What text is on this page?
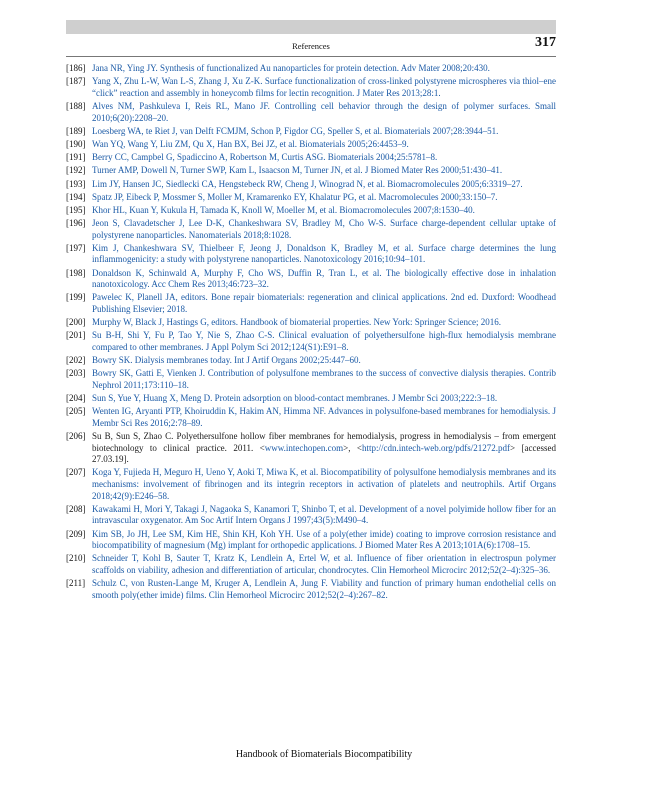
References	317
[186] Jana NR, Ying JY. Synthesis of functionalized Au nanoparticles for protein detection. Adv Mater 2008;20:430.
[187] Yang X, Zhu L-W, Wan L-S, Zhang J, Xu Z-K. Surface functionalization of cross-linked polystyrene microspheres via thiol–ene “click” reaction and assembly in honeycomb films for lectin recognition. J Mater Res 2013;28:1.
[188] Alves NM, Pashkuleva I, Reis RL, Mano JF. Controlling cell behavior through the design of polymer surfaces. Small 2010;6(20):2208–20.
[189] Loesberg WA, te Riet J, van Delft FCMJM, Schon P, Figdor CG, Speller S, et al. Biomaterials 2007;28:3944–51.
[190] Wan YQ, Wang Y, Liu ZM, Qu X, Han BX, Bei JZ, et al. Biomaterials 2005;26:4453–9.
[191] Berry CC, Campbel G, Spadiccino A, Robertson M, Curtis ASG. Biomaterials 2004;25:5781–8.
[192] Turner AMP, Dowell N, Turner SWP, Kam L, Isaacson M, Turner JN, et al. J Biomed Mater Res 2000;51:430–41.
[193] Lim JY, Hansen JC, Siedlecki CA, Hengstebeck RW, Cheng J, Winograd N, et al. Biomacromolecules 2005;6:3319–27.
[194] Spatz JP, Eibeck P, Mossmer S, Moller M, Kramarenko EY, Khalatur PG, et al. Macromolecules 2000;33:150–7.
[195] Khor HL, Kuan Y, Kukula H, Tamada K, Knoll W, Moeller M, et al. Biomacromolecules 2007;8:1530–40.
[196] Jeon S, Clavadetscher J, Lee D-K, Chankeshwara SV, Bradley M, Cho W-S. Surface charge-dependent cellular uptake of polystyrene nanoparticles. Nanomaterials 2018;8:1028.
[197] Kim J, Chankeshwara SV, Thielbeer F, Jeong J, Donaldson K, Bradley M, et al. Surface charge determines the lung inflammogenicity: a study with polystyrene nanoparticles. Nanotoxicology 2016;10:94–101.
[198] Donaldson K, Schinwald A, Murphy F, Cho WS, Duffin R, Tran L, et al. The biologically effective dose in inhalation nanotoxicology. Acc Chem Res 2013;46:723–32.
[199] Pawelec K, Planell JA, editors. Bone repair biomaterials: regeneration and clinical applications. 2nd ed. Duxford: Woodhead Publishing Elsevier; 2018.
[200] Murphy W, Black J, Hastings G, editors. Handbook of biomaterial properties. New York: Springer Science; 2016.
[201] Su B-H, Shi Y, Fu P, Tao Y, Nie S, Zhao C-S. Clinical evaluation of polyethersulfone high-flux hemodialysis membrane compared to other membranes. J Appl Polym Sci 2012;124(S1):E91–8.
[202] Bowry SK. Dialysis membranes today. Int J Artif Organs 2002;25:447–60.
[203] Bowry SK, Gatti E, Vienken J. Contribution of polysulfone membranes to the success of convective dialysis therapies. Contrib Nephrol 2011;173:110–18.
[204] Sun S, Yue Y, Huang X, Meng D. Protein adsorption on blood-contact membranes. J Membr Sci 2003;222:3–18.
[205] Wenten IG, Aryanti PTP, Khoiruddin K, Hakim AN, Himma NF. Advances in polysulfone-based membranes for hemodialysis. J Membr Sci Res 2016;2:78–89.
[206] Su B, Sun S, Zhao C. Polyethersulfone hollow fiber membranes for hemodialysis, progress in hemodialysis – from emergent biotechnology to clinical practice. 2011. <www.intechopen.com>, <http://cdn.intech-web.org/pdfs/21272.pdf> [accessed 27.03.19].
[207] Koga Y, Fujieda H, Meguro H, Ueno Y, Aoki T, Miwa K, et al. Biocompatibility of polysulfone hemodialysis membranes and its mechanisms: involvement of fibrinogen and its integrin receptors in activation of platelets and neutrophils. Artif Organs 2018;42(9):E246–58.
[208] Kawakami H, Mori Y, Takagi J, Nagaoka S, Kanamori T, Shinbo T, et al. Development of a novel polyimide hollow fiber for an intravascular oxygenator. Am Soc Artif Intern Organs J 1997;43(5):M490–4.
[209] Kim SB, Jo JH, Lee SM, Kim HE, Shin KH, Koh YH. Use of a poly(ether imide) coating to improve corrosion resistance and biocompatibility of magnesium (Mg) implant for orthopedic applications. J Biomed Mater Res A 2013;101A(6):1708–15.
[210] Schneider T, Kohl B, Sauter T, Kratz K, Lendlein A, Ertel W, et al. Influence of fiber orientation in electrospun polymer scaffolds on viability, adhesion and differentiation of articular, chondrocytes. Clin Hemorheol Microcirc 2012;52(2–4):325–36.
[211] Schulz C, von Rusten-Lange M, Kruger A, Lendlein A, Jung F. Viability and function of primary human endothelial cells on smooth poly(ether imide) films. Clin Hemorheol Microcirc 2012;52(2–4):267–82.
Handbook of Biomaterials Biocompatibility
